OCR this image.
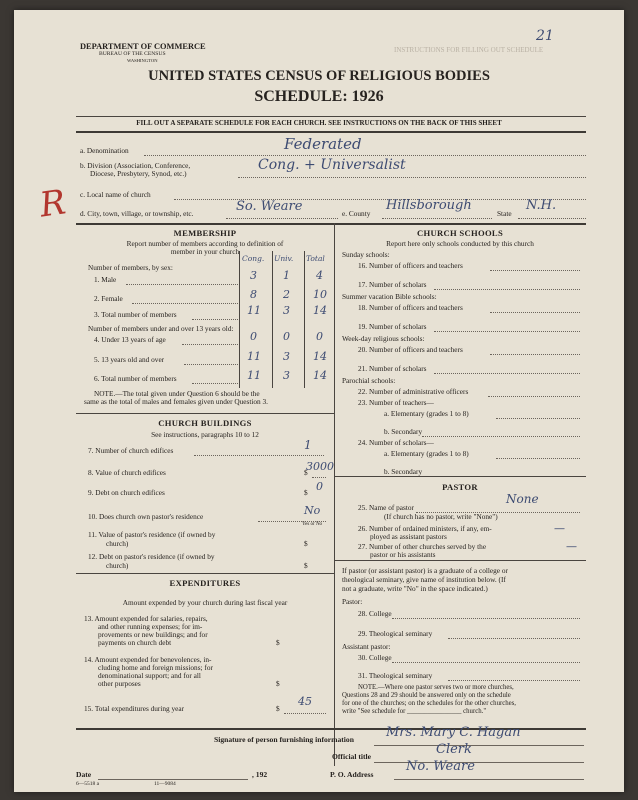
21
DEPARTMENT OF COMMERCE
BUREAU OF THE CENSUS
WASHINGTON
INSTRUCTIONS FOR FILLING OUT SCHEDULE
UNITED STATES CENSUS OF RELIGIOUS BODIES
SCHEDULE: 1926
FILL OUT A SEPARATE SCHEDULE FOR EACH CHURCH. SEE INSTRUCTIONS ON THE BACK OF THIS SHEET
R
a. Denomination	Federated
b. Division (Association, Conference,
Diocese, Presbytery, Synod, etc.)
Cong. + Universalist
c. Local name of church
d. City, town, village, or township, etc.	So. Weare	e. County
Hillsborough
State
N.H.
MEMBERSHIP
Report number of members according to definition of
member in your church
Number of members, by sex:
Cong. Univ. Total
1. Male	3 1 4
2. Female	8 2 10
3. Total number of members	11 3 14
Number of members under and over 13 years old:
4. Under 13 years of age	0 0 0
5. 13 years old and over	11 3 14
6. Total number of members	11 3 14
NOTE.—The total given under Question 6 should be the
same as the total of males and females given under Question 3.
CHURCH BUILDINGS
See instructions, paragraphs 10 to 12
7. Number of church edifices	1
8. Value of church edifices	$
3000
9. Debt on church edifices	$ 0
10. Does church own pastor's residence	No
Yes or No
11. Value of pastor's residence (if owned by
church)	$
12. Debt on pastor's residence (if owned by
church)	$
EXPENDITURES
Amount expended by your church during last fiscal year
13. Amount expended for salaries, repairs,
and other running expenses; for im-
provements or new buildings; and for
payments on church debt	$
14. Amount expended for benevolences, in-
cluding home and foreign missions; for
denominational support; and for all
other purposes	$
15. Total expenditures during year	$
45
CHURCH SCHOOLS
Report here only schools conducted by this church
Sunday schools:
16. Number of officers and teachers
17. Number of scholars
Summer vacation Bible schools:
18. Number of officers and teachers
19. Number of scholars
Week-day religious schools:
20. Number of officers and teachers
21. Number of scholars
Parochial schools:
22. Number of administrative officers
23. Number of teachers—
a. Elementary (grades 1 to 8)
b. Secondary
24. Number of scholars—
a. Elementary (grades 1 to 8)
b. Secondary
PASTOR
25. Name of pastor
None
(If church has no pastor, write "None")
26. Number of ordained ministers, if any, em-
ployed as assistant pastors
—
27. Number of other churches served by the
pastor or his assistants
—
If pastor (or assistant pastor) is a graduate of a college or
theological seminary, give name of institution below. (If
not a graduate, write "No" in the space indicated.)
Pastor:
28. College
29. Theological seminary
Assistant pastor:
30. College
31. Theological seminary
NOTE.—Where one pastor serves two or more churches,
Questions 28 and 29 should be answered only on the schedule
for one of the churches; on the schedules for the other churches,
write "See schedule for ________________ church."
Signature of person furnishing information Mrs. Mary C. Hagan
Official title	Clerk
Date	, 192	P. O. Address
No. Weare
6—5518 a	11—9084
